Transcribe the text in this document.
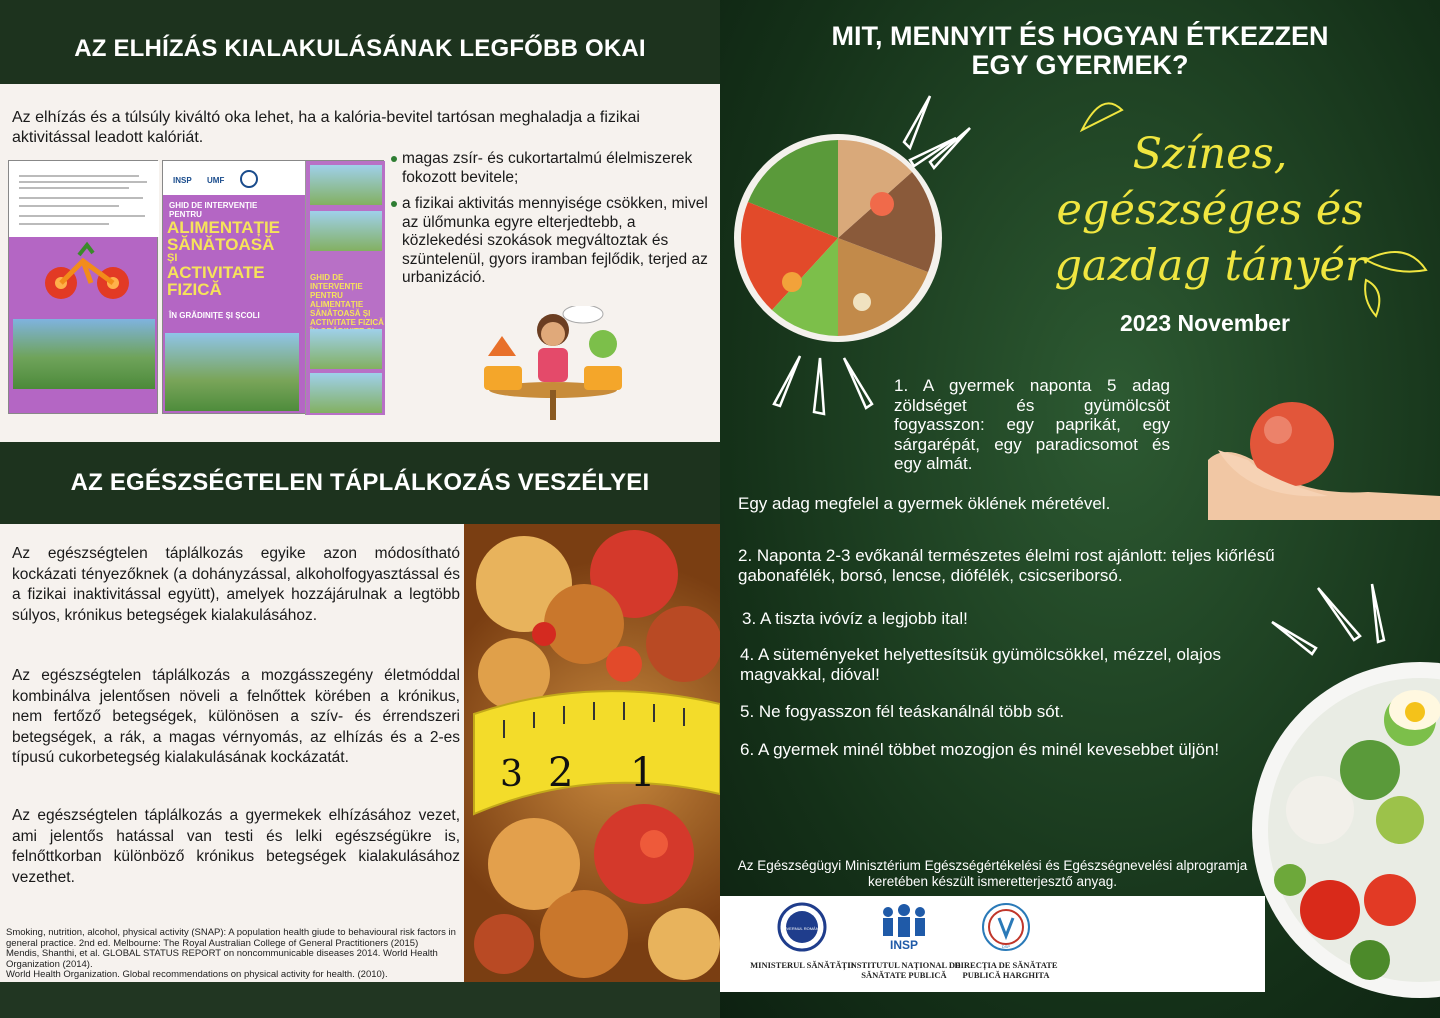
AZ ELHÍZÁS KIALAKULÁSÁNAK LEGFŐBB OKAI

Az elhízás és a túlsúly kiváltó oka lehet, ha a kalória-bevitel tartósan meghaladja a fizikai aktivitással leadott kalóriát.

INSP UMF
GHID DE INTERVENȚIE PENTRU
ALIMENTAȚIE
SĂNĂTOASĂ
ȘI
ACTIVITATE
FIZICĂ
ÎN GRĂDINIȚE ȘI ȘCOLI
GHID DE INTERVENȚIE PENTRU ALIMENTAȚIE SĂNĂTOASĂ ȘI ACTIVITATE FIZICĂ
magas zsír- és cukortartalmú élelmiszerek fokozott bevitele;
a fizikai aktivitás mennyisége csökken, mivel az ülőmunka egyre elterjedtebb, a közlekedési szokások megváltoztak és szüntelenül, gyors iramban fejlődik, terjed az urbanizáció.
AZ EGÉSZSÉGTELEN TÁPLÁLKOZÁS VESZÉLYEI

Az egészségtelen táplálkozás egyike azon módosítható kockázati tényezőknek (a dohányzással, alkoholfogyasztással és a fizikai inaktivitással együtt), amelyek hozzájárulnak a legtöbb súlyos, krónikus betegségek kialakulásához.

Az egészségtelen táplálkozás a mozgásszegény életmóddal kombinálva jelentősen növeli a felnőttek körében a krónikus, nem fertőző betegségek, különösen a szív- és érrendszeri betegségek, a rák, a magas vérnyomás, az elhízás és a 2-es típusú cukorbetegség kialakulásának kockázatát.

Az egészségtelen táplálkozás a gyermekek elhízásához vezet, ami jelentős hatással van testi és lelki egészségükre is, felnőttkorban különböző krónikus betegségek kialakulásához vezethet.

Smoking, nutrition, alcohol, physical activity (SNAP): A population health giude to behavioural risk factors in general practice. 2nd ed. Melbourne: The Royal Australian College of General Practitioners (2015)
Mendis, Shanthi, et al. GLOBAL STATUS REPORT on noncommunicable diseases 2014. World Health Organization (2014).
World Health Organization. Global recommendations on physical activity for health. (2010).
3 2 1
MIT, MENNYIT ÉS HOGYAN ÉTKEZZEN
EGY GYERMEK?
Színes,
egészséges és
gazdag tányér
2023 November
1. A gyermek naponta 5 adag zöldséget és gyümölcsöt fogyasszon: egy paprikát, egy sárgarépát, egy paradicsomot és egy almát.
Egy adag megfelel a gyermek öklének méretével.
2. Naponta 2-3 evőkanál természetes élelmi rost ajánlott: teljes kiőrlésű gabonafélék, borsó, lencse, diófélék, csicseriborsó.
3. A tiszta ivóvíz a legjobb ital!
4. A süteményeket helyettesítsük gyümölcsökkel, mézzel, olajos magvakkal, dióval!
5. Ne fogyasszon fél teáskanálnál több sót.
6. A gyermek minél többet mozogjon és minél kevesebbet üljön!
Az Egészségügyi Minisztérium Egészségértékelési és Egészségnevelési alprogramja keretében készült ismeretterjesztő anyag.
GUVERNUL ROMÂNIEI
MINISTERUL SĂNĂTĂȚII
INSP
INSTITUTUL NAȚIONAL DE SĂNĂTATE PUBLICĂ
DSP
DIRECȚIA DE SĂNĂTATE PUBLICĂ HARGHITA
